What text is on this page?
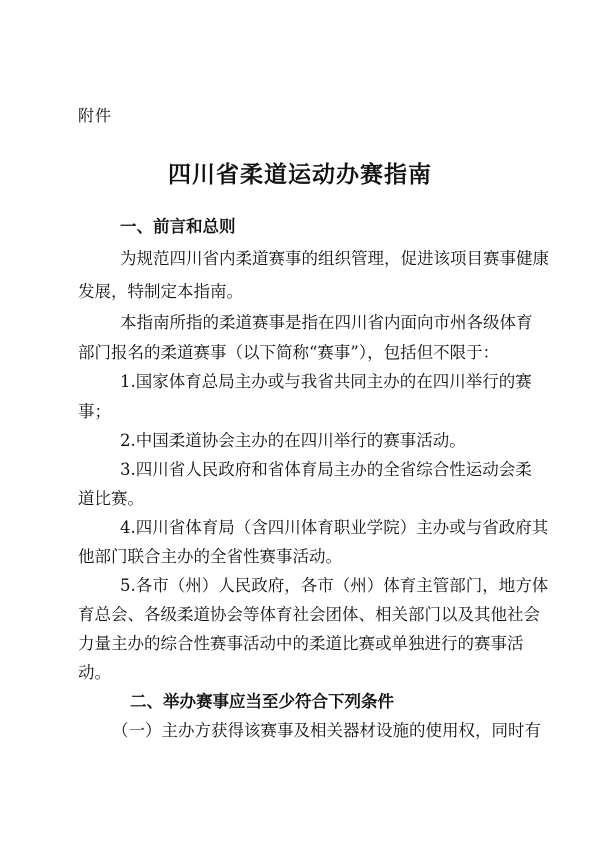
附件
四川省柔道运动办赛指南
一、前言和总则
为规范四川省内柔道赛事的组织管理，促进该项目赛事健康
发展，特制定本指南。
本指南所指的柔道赛事是指在四川省内面向市州各级体育
部门报名的柔道赛事（以下简称“赛事”），包括但不限于：
1.国家体育总局主办或与我省共同主办的在四川举行的赛
事；
2.中国柔道协会主办的在四川举行的赛事活动。
3.四川省人民政府和省体育局主办的全省综合性运动会柔
道比赛。
4.四川省体育局（含四川体育职业学院）主办或与省政府其
他部门联合主办的全省性赛事活动。
5.各市（州）人民政府，各市（州）体育主管部门，地方体
育总会、各级柔道协会等体育社会团体、相关部门以及其他社会
力量主办的综合性赛事活动中的柔道比赛或单独进行的赛事活
动。
二、举办赛事应当至少符合下列条件
（一）主办方获得该赛事及相关器材设施的使用权，同时有
